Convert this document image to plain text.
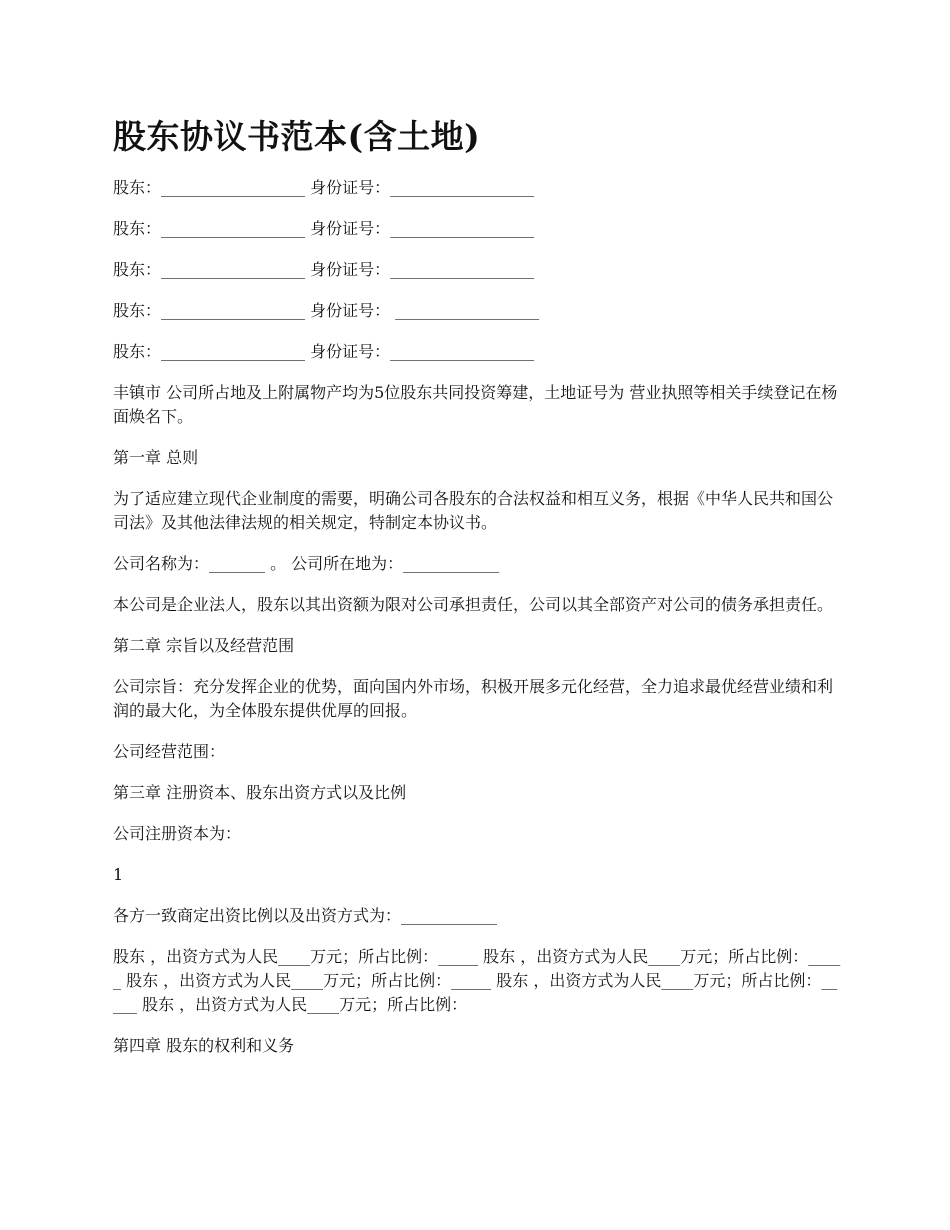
股东协议书范本(含土地)

股东：__________________ 身份证号：__________________

股东：__________________ 身份证号：__________________

股东：__________________ 身份证号：__________________

股东：__________________ 身份证号： __________________

股东：__________________ 身份证号：__________________

丰镇市 公司所占地及上附属物产均为5位股东共同投资筹建，土地证号为 营业执照等相关手续登记在杨面焕名下。

第一章 总则

为了适应建立现代企业制度的需要，明确公司各股东的合法权益和相互义务，根据《中华人民共和国公司法》及其他法律法规的相关规定，特制定本协议书。

公司名称为：_______ 。 公司所在地为：____________

本公司是企业法人，股东以其出资额为限对公司承担责任，公司以其全部资产对公司的债务承担责任。

第二章 宗旨以及经营范围

公司宗旨：充分发挥企业的优势，面向国内外市场，积极开展多元化经营，全力追求最优经营业绩和利润的最大化，为全体股东提供优厚的回报。

公司经营范围：

第三章 注册资本、股东出资方式以及比例

公司注册资本为：

1

各方一致商定出资比例以及出资方式为：____________

股东 ，出资方式为人民____万元；所占比例：_____ 股东 ，出资方式为人民____万元；所占比例：_____ 股东 ，出资方式为人民____万元；所占比例：_____ 股东 ，出资方式为人民____万元；所占比例：_____ 股东 ，出资方式为人民____万元；所占比例：

第四章 股东的权利和义务
